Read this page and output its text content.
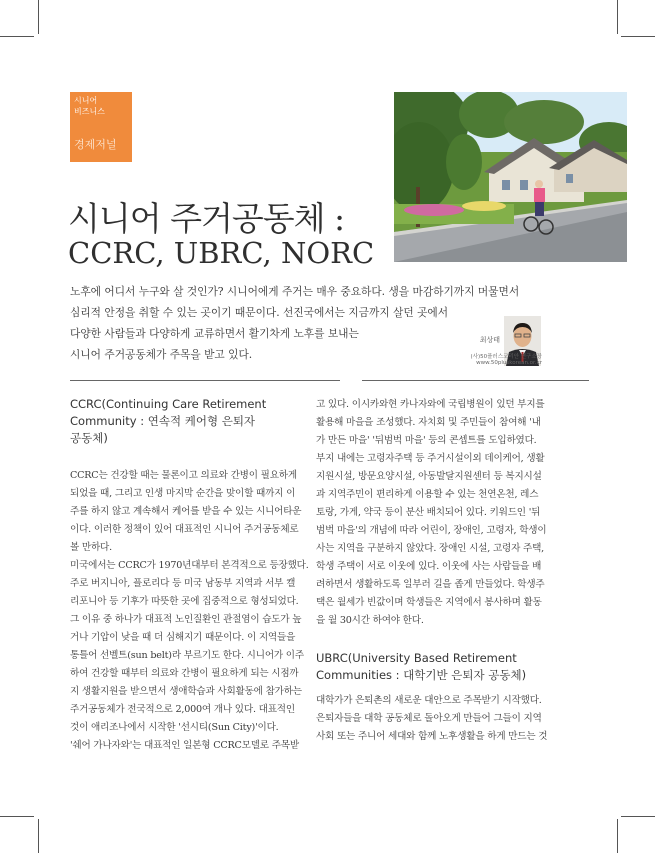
시니어
비즈니스
경제저널
시니어 주거공동체 :
CCRC, UBRC, NORC
노후에 어디서 누구와 살 것인가? 시니어에게 주거는 매우 중요하다. 생을 마감하기까지 머물면서
심리적 안정을 취할 수 있는 곳이기 때문이다. 선진국에서는 지금까지 살던 곳에서
다양한 사람들과 다양하게 교류하면서 활기차게 노후를 보내는
시니어 주거공동체가 주목을 받고 있다.
최상태
(사)50플러스코리안 연구소장
www.50pluskorean.or.kr
CCRC(Continuing Care Retirement
Community : 연속적 케어형 은퇴자
공동체)
CCRC는 건강할 때는 물론이고 의료와 간병이 필요하게
되었을 때, 그리고 인생 마지막 순간을 맞이할 때까지 이
주를 하지 않고 계속해서 케어를 받을 수 있는 시니어타운
이다. 이러한 정책이 있어 대표적인 시니어 주거공동체로
볼 만하다.
미국에서는 CCRC가 1970년대부터 본격적으로 등장했다.
주로 버지니아, 플로리다 등 미국 남동부 지역과 서부 캘
리포니아 등 기후가 따뜻한 곳에 집중적으로 형성되었다.
그 이유 중 하나가 대표적 노인질환인 관절염이 습도가 높
거나 기압이 낮을 때 더 심해지기 때문이다. 이 지역들을
통틀어 선벨트(sun belt)라 부르기도 한다. 시니어가 이주
하여 건강할 때부터 의료와 간병이 필요하게 되는 시점까
지 생활지원을 받으면서 생애학습과 사회활동에 참가하는
주거공동체가 전국적으로 2,000여 개나 있다. 대표적인
것이 애리조나에서 시작한 '선시티(Sun City)'이다.
'쉐어 가나자와'는 대표적인 일본형 CCRC모델로 주목받
고 있다. 이시카와현 카나자와에 국립병원이 있던 부지를
활용해 마을을 조성했다. 자치회 및 주민들이 참여해 '내
가 만든 마을' '뒤범벅 마을' 등의 콘셉트를 도입하였다.
부지 내에는 고령자주택 등 주거시설이외 데이케어, 생활
지원시설, 방문요양시설, 아동발달지원센터 등 복지시설
과 지역주민이 편리하게 이용할 수 있는 천연온천, 레스
토랑, 가게, 약국 등이 분산 배치되어 있다. 키워드인 '뒤
범벅 마을'의 개념에 따라 어린이, 장애인, 고령자, 학생이
사는 지역을 구분하지 않았다. 장애인 시설, 고령자 주택,
학생 주택이 서로 이웃에 있다. 이웃에 사는 사람들을 배
려하면서 생활하도록 일부러 길을 좁게 만들었다. 학생주
택은 월세가 빈값이며 학생들은 지역에서 봉사하며 활동
을 월 30시간 하여야 한다.
UBRC(University Based Retirement
Communities : 대학기반 은퇴자 공동체)
대학가가 은퇴촌의 새로운 대안으로 주목받기 시작했다.
은퇴자들을 대학 공동체로 돌아오게 만들어 그들이 지역
사회 또는 주니어 세대와 함께 노후생활을 하게 만드는 것
